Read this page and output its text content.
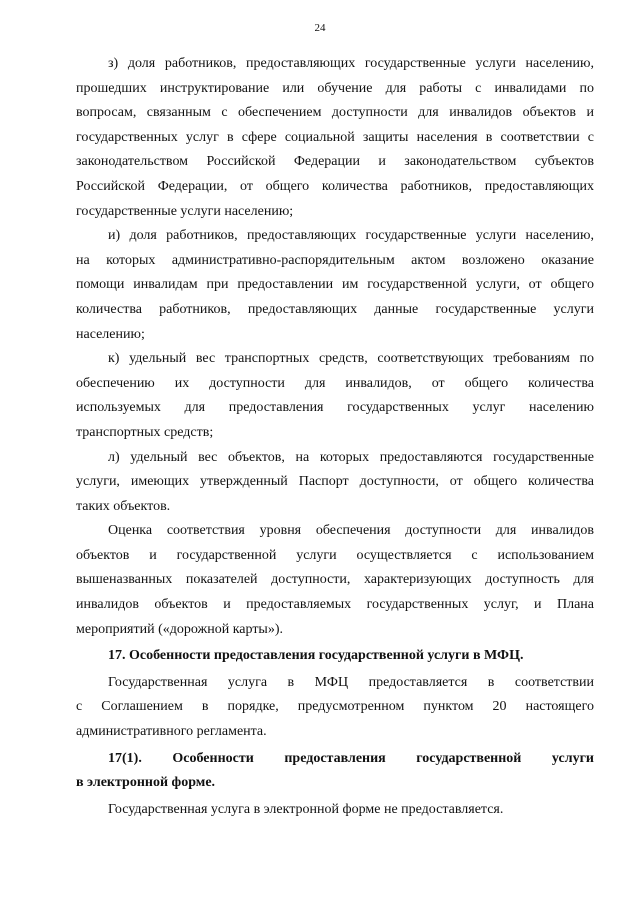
24
з) доля работников, предоставляющих государственные услуги населению,
прошедших инструктирование или обучение для работы с инвалидами по
вопросам, связанным с обеспечением доступности для инвалидов объектов и
государственных услуг в сфере социальной защиты населения в соответствии с
законодательством Российской Федерации и законодательством субъектов
Российской Федерации, от общего количества работников, предоставляющих
государственные услуги населению;
и) доля работников, предоставляющих государственные услуги населению,
на которых административно-распорядительным актом возложено оказание
помощи инвалидам при предоставлении им государственной услуги, от общего
количества работников, предоставляющих данные государственные услуги
населению;
к) удельный вес транспортных средств, соответствующих требованиям по
обеспечению их доступности для инвалидов, от общего количества
используемых для предоставления государственных услуг населению
транспортных средств;
л) удельный вес объектов, на которых предоставляются государственные
услуги, имеющих утвержденный Паспорт доступности, от общего количества
таких объектов.
Оценка соответствия уровня обеспечения доступности для инвалидов
объектов и государственной услуги осуществляется с использованием
вышеназванных показателей доступности, характеризующих доступность для
инвалидов объектов и предоставляемых государственных услуг, и Плана
мероприятий («дорожной карты»).
17. Особенности предоставления государственной услуги в МФЦ.
Государственная услуга в МФЦ предоставляется в соответствии
с Соглашением в порядке, предусмотренном пунктом 20 настоящего
административного регламента.
17(1). Особенности предоставления государственной услуги
в электронной форме.
Государственная услуга в электронной форме не предоставляется.
